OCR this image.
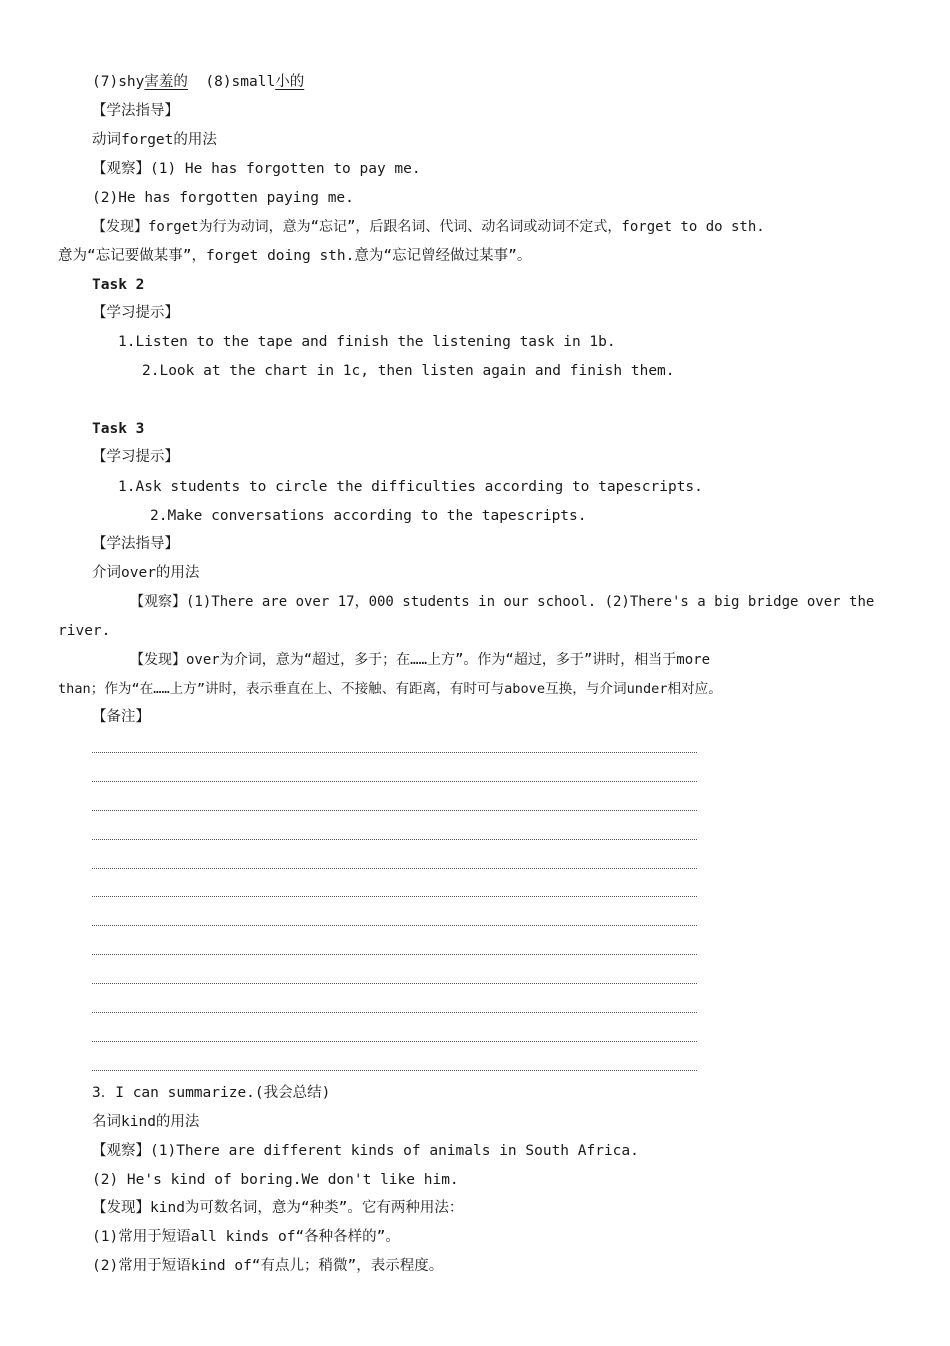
(7)shy害羞的 (8)small小的
【学法指导】
动词forget的用法
【观察】(1) He has forgotten to pay me.
(2)He has forgotten paying me.
【发现】forget为行为动词，意为“忘记”，后跟名词、代词、动名词或动词不定式，forget to do sth.
意为“忘记要做某事”，forget doing sth.意为“忘记曾经做过某事”。
Task 2
【学习提示】
1.Listen to the tape and finish the listening task in 1b.
2.Look at the chart in 1c, then listen again and finish them.
Task 3
【学习提示】
1.Ask students to circle the difficulties according to tapescripts.
2.Make conversations according to the tapescripts.
【学法指导】
介词over的用法
【观察】(1)There are over 17，000 students in our school. (2)There's a big bridge over the
river.
【发现】over为介词，意为“超过，多于；在……上方”。作为“超过，多于”讲时，相当于more
than；作为“在……上方”讲时，表示垂直在上、不接触、有距离，有时可与above互换，与介词under相对应。
【备注】
3．I can summarize.(我会总结)
名词kind的用法
【观察】(1)There are different kinds of animals in South Africa.
(2) He's kind of boring.We don't like him.
【发现】kind为可数名词，意为“种类”。它有两种用法：
(1)常用于短语all kinds of“各种各样的”。
(2)常用于短语kind of“有点儿；稍微”，表示程度。
